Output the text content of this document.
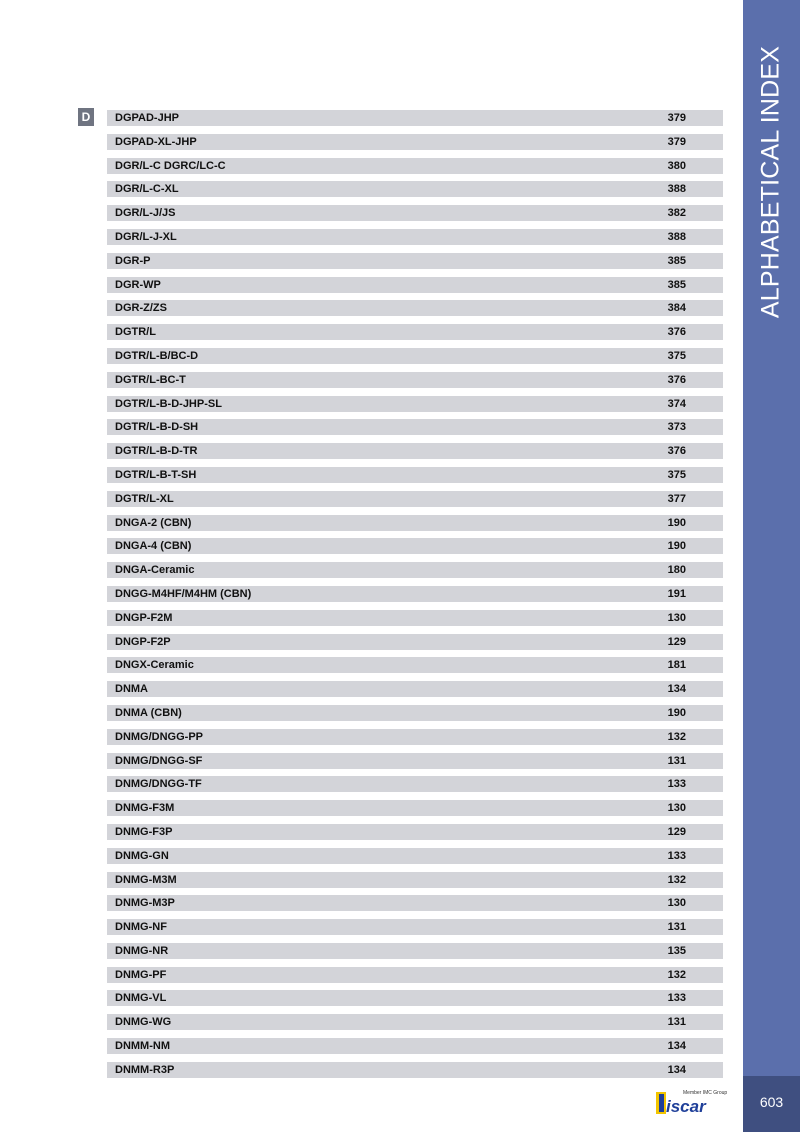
ALPHABETICAL INDEX
603
D	DGPAD-JHP	379
DGPAD-XL-JHP	379
DGR/L-C DGRC/LC-C	380
DGR/L-C-XL	388
DGR/L-J/JS	382
DGR/L-J-XL	388
DGR-P	385
DGR-WP	385
DGR-Z/ZS	384
DGTR/L	376
DGTR/L-B/BC-D	375
DGTR/L-BC-T	376
DGTR/L-B-D-JHP-SL	374
DGTR/L-B-D-SH	373
DGTR/L-B-D-TR	376
DGTR/L-B-T-SH	375
DGTR/L-XL	377
DNGA-2 (CBN)	190
DNGA-4 (CBN)	190
DNGA-Ceramic	180
DNGG-M4HF/M4HM (CBN)	191
DNGP-F2M	130
DNGP-F2P	129
DNGX-Ceramic	181
DNMA	134
DNMA (CBN)	190
DNMG/DNGG-PP	132
DNMG/DNGG-SF	131
DNMG/DNGG-TF	133
DNMG-F3M	130
DNMG-F3P	129
DNMG-GN	133
DNMG-M3M	132
DNMG-M3P	130
DNMG-NF	131
DNMG-NR	135
DNMG-PF	132
DNMG-VL	133
DNMG-WG	131
DNMM-NM	134
DNMM-R3P	134
Member IMC Group
iscar
